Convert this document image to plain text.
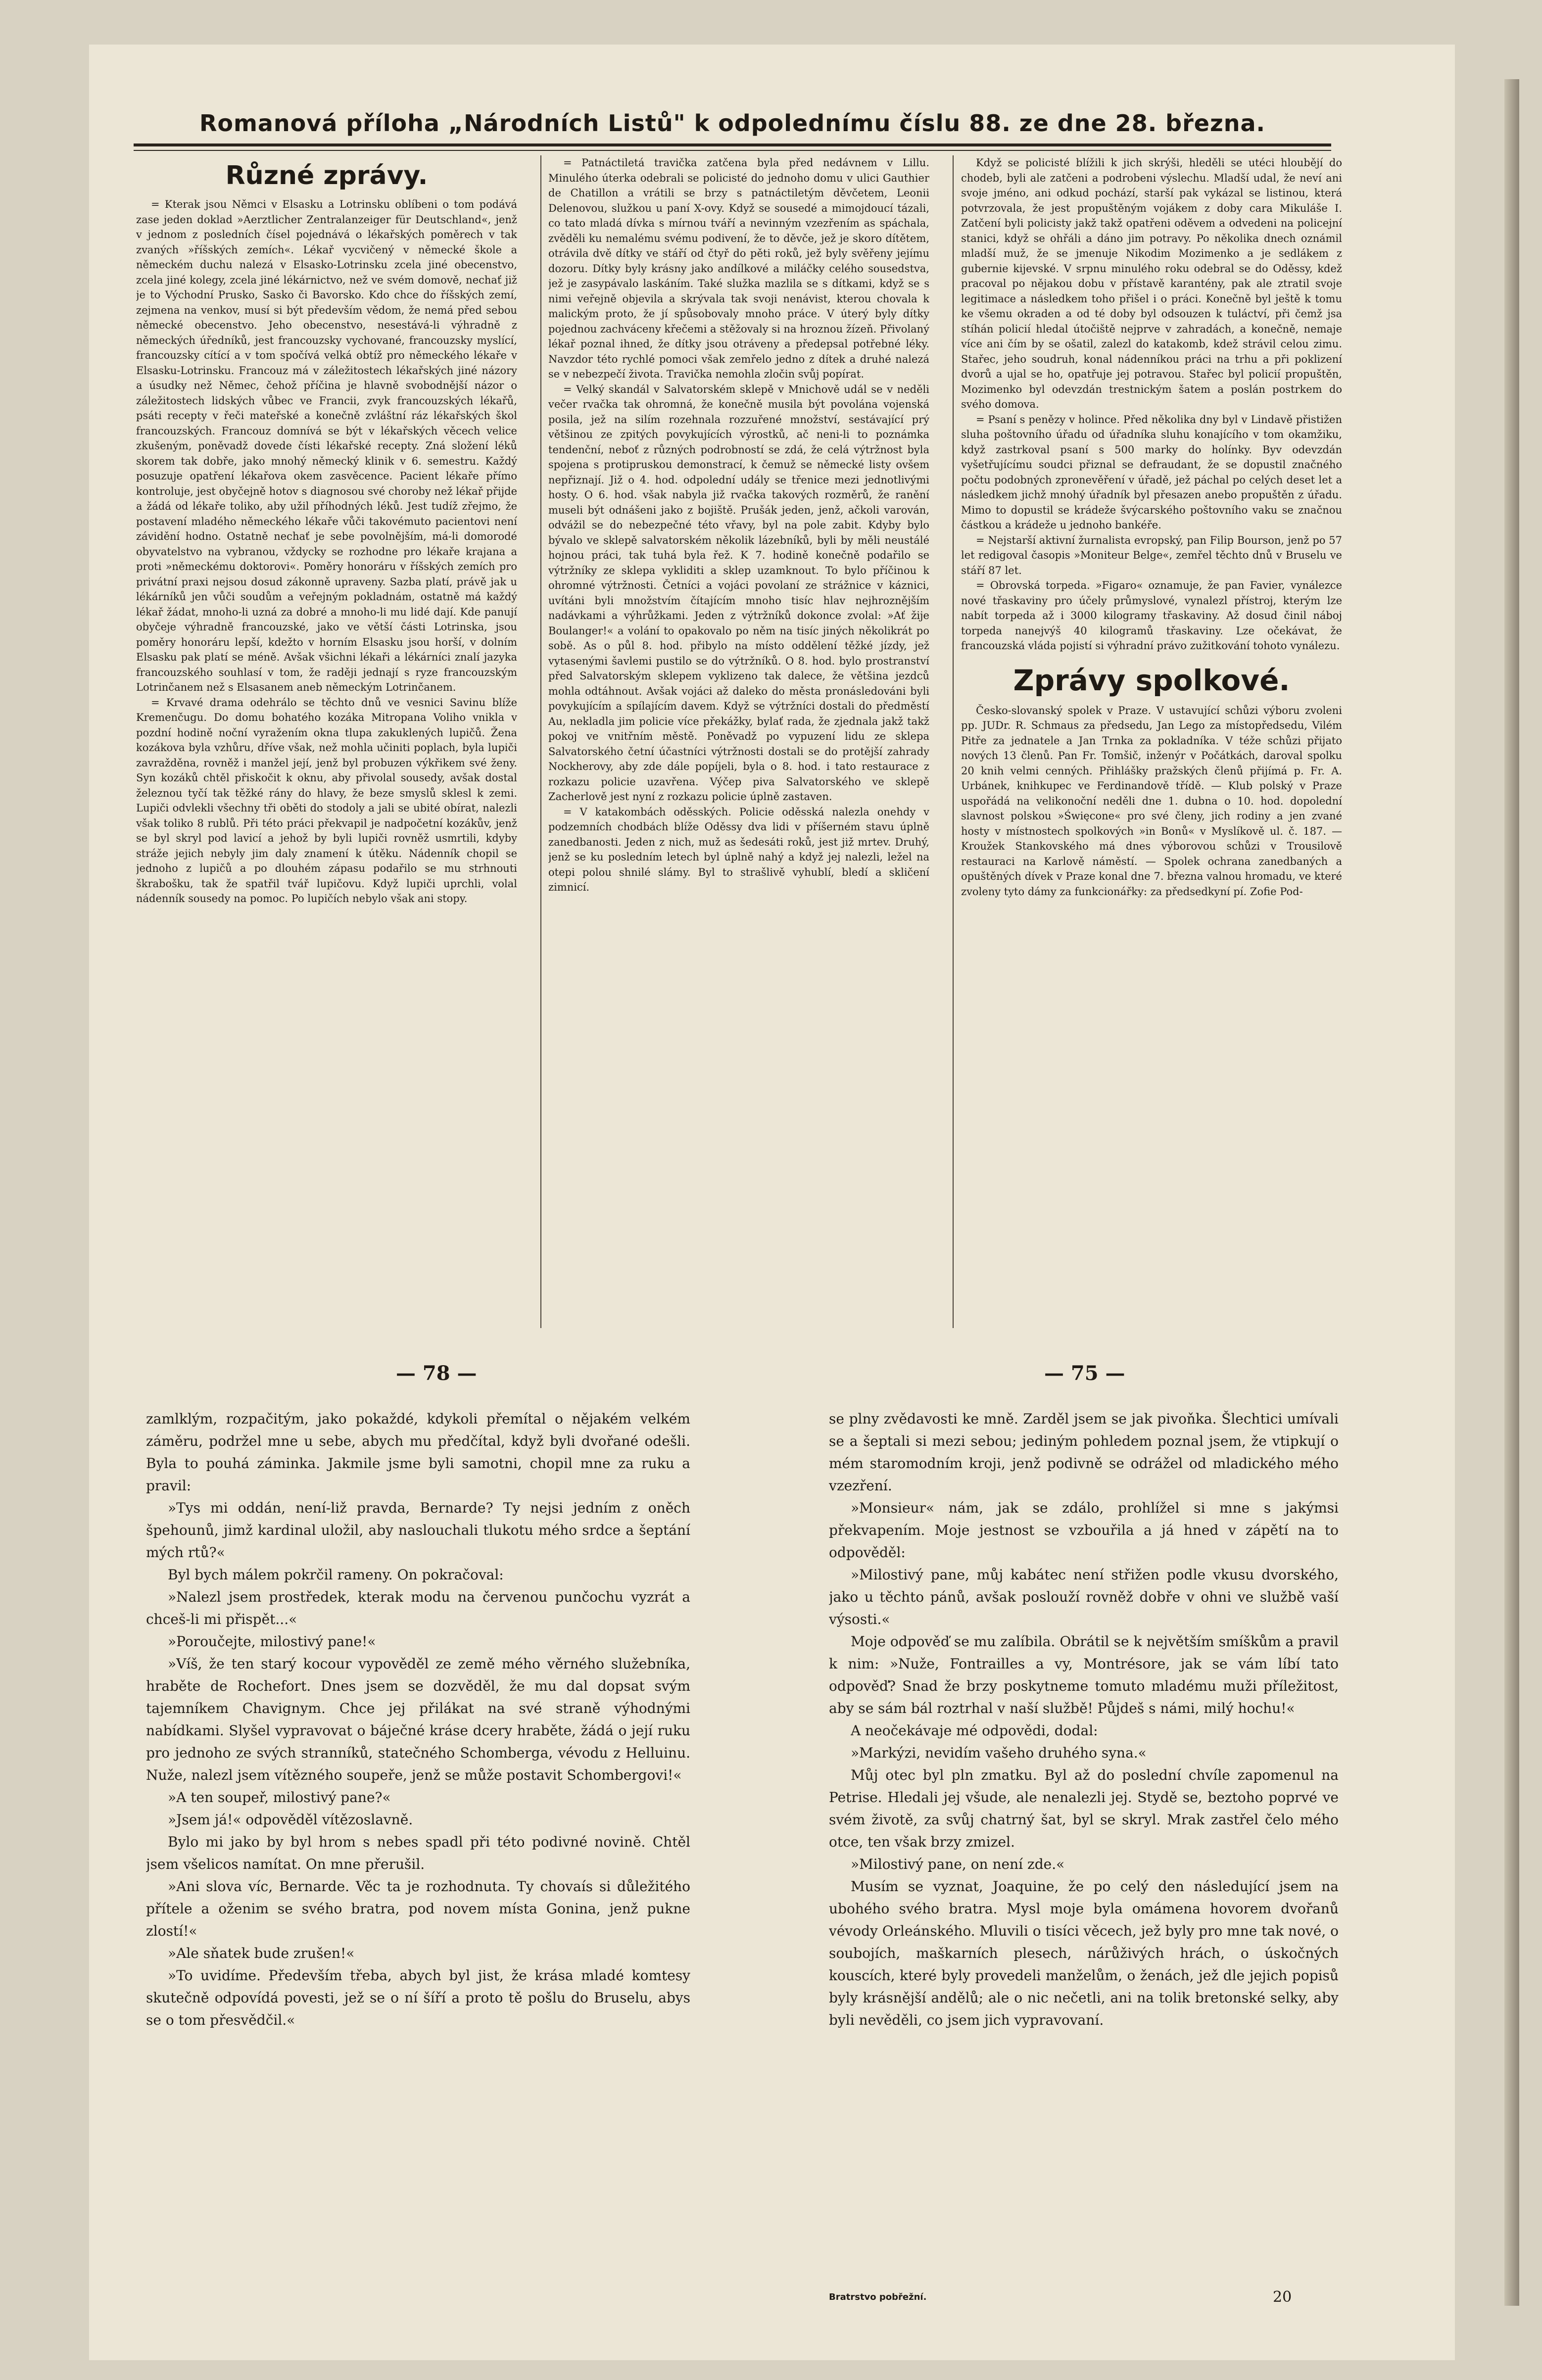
Romanová příloha „Národních Listů" k odpolednímu číslu 88. ze dne 28. března.
Různé zprávy.

= Kterak jsou Němci v Elsasku a Lotrinsku oblíbeni o tom podává zase jeden doklad »Aerztlicher Zentralanzeiger für Deutschland«, jenž v jednom z posledních čísel pojednává o lékařských poměrech v tak zvaných »říšských zemích«. Lékař vycvičený v německé škole a německém duchu nalezá v Elsasko-Lotrinsku zcela jiné obecenstvo, zcela jiné kolegy, zcela jiné lékárnictvo, než ve svém domově, nechať již je to Východní Prusko, Sasko či Bavorsko. Kdo chce do říšských zemí, zejmena na venkov, musí si být především vědom, že nemá před sebou německé obecenstvo. Jeho obecenstvo, nesestává-li výhradně z německých úředníků, jest francouzsky vychované, francouzsky myslící, francouzsky cítící a v tom spočívá velká obtíž pro německého lékaře v Elsasku-Lotrinsku. Francouz má v záležitostech lékařských jiné názory a úsudky než Němec, čehož příčina je hlavně svobodnější názor o záležitostech lidských vůbec ve Francii, zvyk francouzských lékařů, psáti recepty v řeči mateřské a konečně zvláštní ráz lékařských škol francouzských. Francouz domnívá se být v lékařských věcech velice zkušeným, poněvadž dovede čísti lékařské recepty. Zná složení léků skorem tak dobře, jako mnohý německý klinik v 6. semestru. Každý posuzuje opatření lékařova okem zasvěcence. Pacient lékaře přímo kontroluje, jest obyčejně hotov s diagnosou své choroby než lékař přijde a žádá od lékaře toliko, aby užil příhodných léků. Jest tudíž zřejmo, že postavení mladého německého lékaře vůči takovémuto pacientovi není závidění hodno. Ostatně nechať je sebe povolnějším, má-li domorodé obyvatelstvo na vybranou, vždycky se rozhodne pro lékaře krajana a proti »německému doktorovi«. Poměry honoráru v říšských zemích pro privátní praxi nejsou dosud zákonně upraveny. Sazba platí, právě jak u lékárníků jen vůči soudům a veřejným pokladnám, ostatně má každý lékař žádat, mnoho-li uzná za dobré a mnoho-li mu lidé dají. Kde panují obyčeje výhradně francouzské, jako ve větší části Lotrinska, jsou poměry honoráru lepší, kdežto v horním Elsasku jsou horší, v dolním Elsasku pak platí se méně. Avšak všichni lékaři a lékárníci znalí jazyka francouzského souhlasí v tom, že raději jednají s ryze francouzským Lotrinčanem než s Elsasanem aneb německým Lotrinčanem.

= Krvavé drama odehrálo se těchto dnů ve vesnici Savinu blíže Kremenčugu. Do domu bohatého kozáka Mitropana Voliho vnikla v pozdní hodině noční vyražením okna tlupa zakuklených lupičů. Žena kozákova byla vzhůru, dříve však, než mohla učiniti poplach, byla lupiči zavražděna, rovněž i manžel její, jenž byl probuzen výkřikem své ženy. Syn kozáků chtěl přiskočit k oknu, aby přivolal sousedy, avšak dostal železnou tyčí tak těžké rány do hlavy, že beze smyslů sklesl k zemi. Lupiči odvlekli všechny tři oběti do stodoly a jali se ubité obírat, nalezli však toliko 8 rublů. Při této práci překvapil je nadpočetní kozákův, jenž se byl skryl pod lavicí a jehož by byli lupiči rovněž usmrtili, kdyby stráže jejich nebyly jim daly znamení k útěku. Nádenník chopil se jednoho z lupičů a po dlouhém zápasu podařilo se mu strhnouti škrabošku, tak že spatřil tvář lupičovu. Když lupiči uprchli, volal nádenník sousedy na pomoc. Po lupičích nebylo však ani stopy.

= Patnáctiletá travička zatčena byla před nedávnem v Lillu. Minulého úterka odebrali se policisté do jednoho domu v ulici Gauthier de Chatillon a vrátili se brzy s patnáctiletým děvčetem, Leonii Delenovou, služkou u paní X-ovy. Když se sousedé a mimojdoucí tázali, co tato mladá dívka s mírnou tváří a nevinným vzezřením as spáchala, zvěděli ku nemalému svému podivení, že to děvče, jež je skoro dítětem, otrávila dvě dítky ve stáří od čtyř do pěti roků, jež byly svěřeny jejímu dozoru. Dítky byly krásny jako andílkové a miláčky celého sousedstva, jež je zasypávalo laskáním. Také služka mazlila se s dítkami, když se s nimi veřejně objevila a skrývala tak svoji nenávist, kterou chovala k malickým proto, že jí spůsobovaly mnoho práce. V úterý byly dítky pojednou zachváceny křečemi a stěžovaly si na hroznou žízeň. Přivolaný lékař poznal ihned, že dítky jsou otráveny a předepsal potřebné léky. Navzdor této rychlé pomoci však zemřelo jedno z dítek a druhé nalezá se v nebezpečí života. Travička nemohla zločin svůj popírat.

= Velký skandál v Salvatorském sklepě v Mnichově udál se v neděli večer rvačka tak ohromná, že konečně musila být povolána vojenská posila, jež na silím rozehnala rozzuřené množství, sestávající prý většinou ze zpitých povykujících výrostků, ač neni-li to poznámka tendenční, neboť z různých podrobností se zdá, že celá výtržnost byla spojena s protipruskou demonstrací, k čemuž se německé listy ovšem nepřiznají. Již o 4. hod. odpolední udály se třenice mezi jednotlivými hosty. O 6. hod. však nabyla již rvačka takových rozměrů, že ranění museli být odnášeni jako z bojiště. Prušák jeden, jenž, ačkoli varován, odvážil se do nebezpečné této vřavy, byl na pole zabit. Kdyby bylo bývalo ve sklepě salvatorském několik lázebníků, byli by měli neustálé hojnou práci, tak tuhá byla řež. K 7. hodině konečně podařilo se výtržníky ze sklepa vykliditi a sklep uzamknout. To bylo příčinou k ohromné výtržnosti. Četníci a vojáci povolaní ze strážnice v káznici, uvítáni byli množstvím čítajícím mnoho tisíc hlav nejhroznějším nadávkami a výhrůžkami. Jeden z výtržníků dokonce zvolal: »Ať žije Boulanger!« a volání to opakovalo po něm na tisíc jiných několikrát po sobě. As o půl 8. hod. přibylo na místo oddělení těžké jízdy, jež vytasenými šavlemi pustilo se do výtržníků. O 8. hod. bylo prostranství před Salvatorským sklepem vyklizeno tak dalece, že většina jezdců mohla odtáhnout. Avšak vojáci až daleko do města pronásledováni byli povykujícím a spílajícím davem. Když se výtržníci dostali do předměstí Au, nekladla jim policie více překážky, bylať rada, že zjednala jakž takž pokoj ve vnitřním městě. Poněvadž po vypuzení lidu ze sklepa Salvatorského četní účastníci výtržnosti dostali se do protější zahrady Nockherovy, aby zde dále popíjeli, byla o 8. hod. i tato restaurace z rozkazu policie uzavřena. Výčep piva Salvatorského ve sklepě Zacherlově jest nyní z rozkazu policie úplně zastaven.

= V katakombách oděsských. Policie oděsská nalezla onehdy v podzemních chodbách blíže Oděssy dva lidi v příšerném stavu úplně zanedbanosti. Jeden z nich, muž as šedesáti roků, jest již mrtev. Druhý, jenž se ku posledním letech byl úplně nahý a když jej nalezli, ležel na otepi polou shnilé slámy. Byl to strašlivě vyhublí, bledí a skličení zimnicí.

Když se policisté blížili k jich skrýši, hleděli se utéci hloubějí do chodeb, byli ale zatčeni a podrobeni výslechu. Mladší udal, že neví ani svoje jméno, ani odkud pochází, starší pak vykázal se listinou, která potvrzovala, že jest propuštěným vojákem z doby cara Mikuláše I. Zatčení byli policisty jakž takž opatřeni oděvem a odvedeni na policejní stanici, když se ohřáli a dáno jim potravy. Po několika dnech oznámil mladší muž, že se jmenuje Nikodim Mozimenko a je sedlákem z gubernie kijevské. V srpnu minulého roku odebral se do Oděssy, kdež pracoval po nějakou dobu v přístavě karantény, pak ale ztratil svoje legitimace a následkem toho přišel i o práci. Konečně byl ještě k tomu ke všemu okraden a od té doby byl odsouzen k tuláctví, při čemž jsa stíhán policií hledal útočiště nejprve v zahradách, a konečně, nemaje více ani čím by se ošatil, zalezl do katakomb, kdež strávil celou zimu. Stařec, jeho soudruh, konal nádenníkou práci na trhu a při poklizení dvorů a ujal se ho, opatřuje jej potravou. Stařec byl policií propuštěn, Mozimenko byl odevzdán trestnickým šatem a poslán postrkem do svého domova.

= Psaní s penězy v holince. Před několika dny byl v Lindavě přistižen sluha poštovního úřadu od úřadníka sluhu konajícího v tom okamžiku, když zastrkoval psaní s 500 marky do holínky. Byv odevzdán vyšetřujícímu soudci přiznal se defraudant, že se dopustil značného počtu podobných zpronevěření v úřadě, jež páchal po celých deset let a následkem jichž mnohý úřadník byl přesazen anebo propuštěn z úřadu. Mimo to dopustil se krádeže švýcarského poštovního vaku se značnou částkou a krádeže u jednoho bankéře.

= Nejstarší aktivní žurnalista evropský, pan Filip Bourson, jenž po 57 let redigoval časopis »Moniteur Belge«, zemřel těchto dnů v Bruselu ve stáří 87 let.

= Obrovská torpeda. »Figaro« oznamuje, že pan Favier, vynálezce nové třaskaviny pro účely průmyslové, vynalezl přístroj, kterým lze nabít torpeda až i 3000 kilogramy třaskaviny. Až dosud činil náboj torpeda nanejvýš 40 kilogramů třaskaviny. Lze očekávat, že francouzská vláda pojistí si výhradní právo zužitkování tohoto vynálezu.

Zprávy spolkové.

Česko-slovanský spolek v Praze. V ustavující schůzi výboru zvoleni pp. JUDr. R. Schmaus za předsedu, Jan Lego za místopředsedu, Vilém Pitře za jednatele a Jan Trnka za pokladníka. V téže schůzi přijato nových 13 členů. Pan Fr. Tomšič, inženýr v Počátkách, daroval spolku 20 knih velmi cenných. Přihlášky pražských členů přijímá p. Fr. A. Urbánek, knihkupec ve Ferdinandově třídě. — Klub polský v Praze uspořádá na velikonoční neděli dne 1. dubna o 10. hod. dopolední slavnost polskou »Święcone« pro své členy, jich rodiny a jen zvané hosty v místnostech spolkových »in Bonů« v Myslíkově ul. č. 187. — Kroužek Stankovského má dnes výborovou schůzi v Trousilově restauraci na Karlově náměstí. — Spolek ochrana zanedbaných a opuštěných dívek v Praze konal dne 7. března valnou hromadu, ve které zvoleny tyto dámy za funkcionářky: za předsedkyní pí. Zofie Pod-

— 78 —	— 75 —

zamlklým, rozpačitým, jako pokaždé, kdykoli přemítal o nějakém velkém záměru, podržel mne u sebe, abych mu předčítal, když byli dvořané odešli. Byla to pouhá záminka. Jakmile jsme byli samotni, chopil mne za ruku a pravil:

»Tys mi oddán, není-liž pravda, Bernarde? Ty nejsi jedním z oněch špehounů, jimž kardinal uložil, aby naslouchali tlukotu mého srdce a šeptání mých rtů?«

Byl bych málem pokrčil rameny. On pokračoval:

»Nalezl jsem prostředek, kterak modu na červenou punčochu vyzrát a chceš-li mi přispět...«

»Poroučejte, milostivý pane!«

»Víš, že ten starý kocour vypověděl ze země mého věrného služebníka, hraběte de Rochefort. Dnes jsem se dozvěděl, že mu dal dopsat svým tajemníkem Chavignym. Chce jej přilákat na své straně výhodnými nabídkami. Slyšel vypravovat o báječné kráse dcery hraběte, žádá o její ruku pro jednoho ze svých stranníků, statečného Schomberga, vévodu z Helluinu. Nuže, nalezl jsem vítězného soupeře, jenž se může postavit Schombergovi!«

»A ten soupeř, milostivý pane?«

»Jsem já!« odpověděl vítězoslavně.

Bylo mi jako by byl hrom s nebes spadl při této podivné novině. Chtěl jsem všelicos namítat. On mne přerušil.

»Ani slova víc, Bernarde. Věc ta je rozhodnuta. Ty chovaís si důležitého přítele a oženim se svého bratra, pod novem místa Gonina, jenž pukne zlostí!«

»Ale sňatek bude zrušen!«

»To uvidíme. Především třeba, abych byl jist, že krása mladé komtesy skutečně odpovídá povesti, jež se o ní šíří a proto tě pošlu do Bruselu, abys se o tom přesvědčil.«

se plny zvědavosti ke mně. Zarděl jsem se jak pivoňka. Šlechtici umívali se a šeptali si mezi sebou; jediným pohledem poznal jsem, že vtipkují o mém staromodním kroji, jenž podivně se odrážel od mladického mého vzezření.

»Monsieur« nám, jak se zdálo, prohlížel si mne s jakýmsi překvapením. Moje jestnost se vzbouřila a já hned v zápětí na to odpověděl:

»Milostivý pane, můj kabátec není střižen podle vkusu dvorského, jako u těchto pánů, avšak poslouží rovněž dobře v ohni ve službě vaší výsosti.«

Moje odpověď se mu zalíbila. Obrátil se k největším smíškům a pravil k nim: »Nuže, Fontrailles a vy, Montrésore, jak se vám líbí tato odpověď? Snad že brzy poskytneme tomuto mladému muži příležitost, aby se sám bál roztrhal v naší službě! Půjdeš s námi, milý hochu!«

A neočekávaje mé odpovědi, dodal:

»Markýzi, nevidím vašeho druhého syna.«

Můj otec byl pln zmatku. Byl až do poslední chvíle zapomenul na Petrise. Hledali jej všude, ale nenalezli jej. Stydě se, beztoho poprvé ve svém životě, za svůj chatrný šat, byl se skryl. Mrak zastřel čelo mého otce, ten však brzy zmizel.

»Milostivý pane, on není zde.«

Musím se vyznat, Joaquine, že po celý den následující jsem na ubohého svého bratra. Mysl moje byla omámena hovorem dvořanů vévody Orleánského. Mluvili o tisíci věcech, jež byly pro mne tak nové, o soubojích, maškarních plesech, nárůživých hrách, o úskočných kouscích, které byly provedeli manželům, o ženách, jež dle jejich popisů byly krásnější andělů; ale o nic nečetli, ani na tolik bretonské selky, aby byli nevěděli, co jsem jich vypravovaní.

Bratrstvo pobřežní.	20
